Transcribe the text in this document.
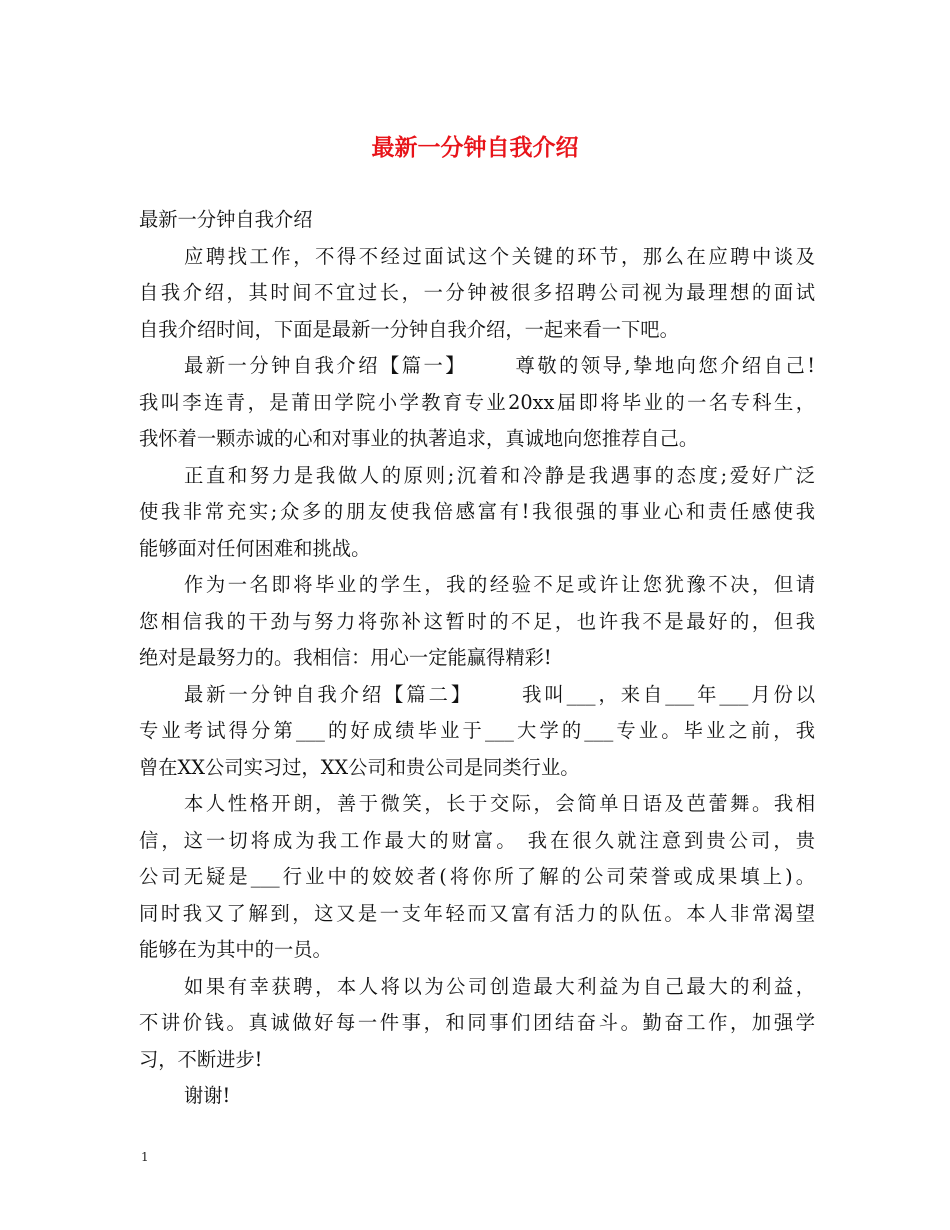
最新一分钟自我介绍
最新一分钟自我介绍
应聘找工作，不得不经过面试这个关键的环节，那么在应聘中谈及
自我介绍，其时间不宜过长，一分钟被很多招聘公司视为最理想的面试
自我介绍时间，下面是最新一分钟自我介绍，一起来看一下吧。
最新一分钟自我介绍【篇一】 尊敬的领导,挚地向您介绍自己!
我叫李连青，是莆田学院小学教育专业20xx届即将毕业的一名专科生，
我怀着一颗赤诚的心和对事业的执著追求，真诚地向您推荐自己。
正直和努力是我做人的原则;沉着和冷静是我遇事的态度;爱好广泛
使我非常充实;众多的朋友使我倍感富有!我很强的事业心和责任感使我
能够面对任何困难和挑战。
作为一名即将毕业的学生，我的经验不足或许让您犹豫不决，但请
您相信我的干劲与努力将弥补这暂时的不足，也许我不是最好的，但我
绝对是最努力的。我相信：用心一定能赢得精彩!
最新一分钟自我介绍【篇二】 我叫___，来自___年___月份以
专业考试得分第___的好成绩毕业于___大学的___专业。毕业之前，我
曾在XX公司实习过，XX公司和贵公司是同类行业。
本人性格开朗，善于微笑，长于交际，会简单日语及芭蕾舞。我相
信，这一切将成为我工作最大的财富。 我在很久就注意到贵公司，贵
公司无疑是___行业中的姣姣者(将你所了解的公司荣誉或成果填上)。
同时我又了解到，这又是一支年轻而又富有活力的队伍。本人非常渴望
能够在为其中的一员。
如果有幸获聘，本人将以为公司创造最大利益为自己最大的利益，
不讲价钱。真诚做好每一件事，和同事们团结奋斗。勤奋工作，加强学
习，不断进步!
谢谢!
1
